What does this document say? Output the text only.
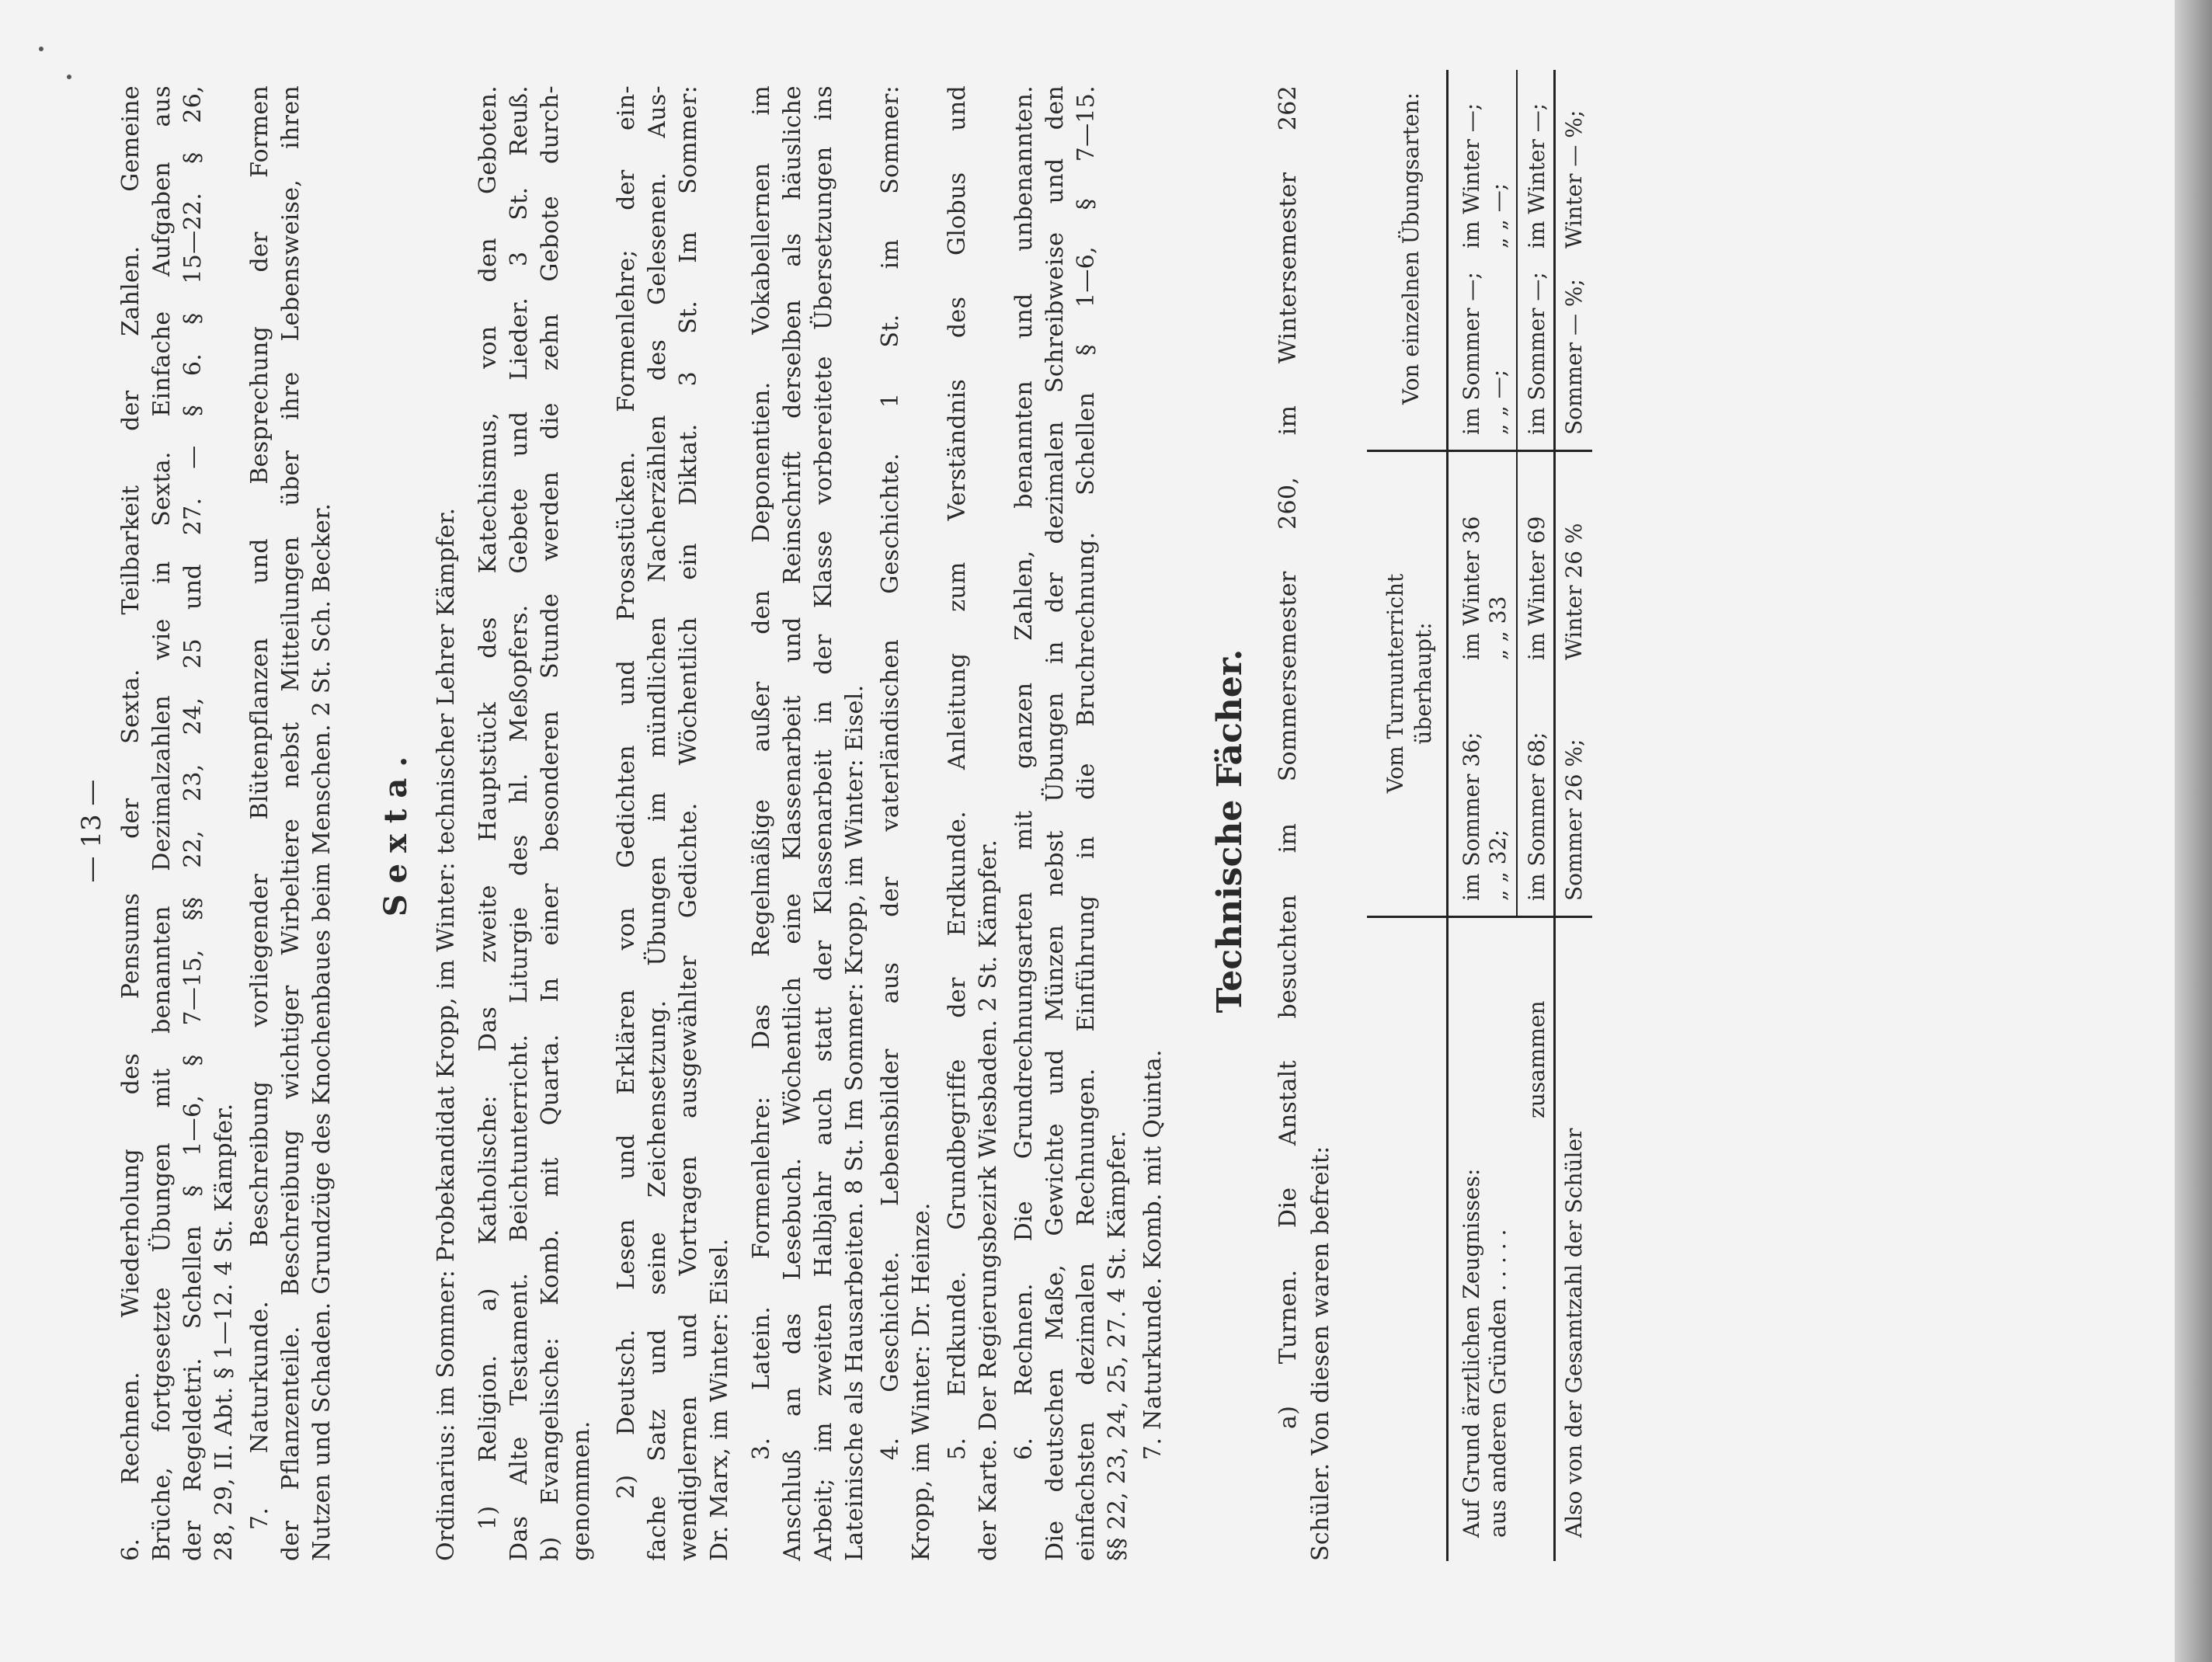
— 13 — 6. Rechnen. Wiederholung des Pensums der Sexta. Teilbarkeit der Zahlen. Gemeine Brüche, fortgesetzte Übungen mit benannten Dezimalzahlen wie in Sexta. Einfache Aufgaben aus der Regeldetri. Schellen § 1—6, § 7—15, §§ 22, 23, 24, 25 und 27. — § 6. § 15—22. § 26, 28, 29, II. Abt. § 1—12. 4 St. Kämpfer. 7. Naturkunde. Beschreibung vorliegender Blütenpflanzen und Besprechung der Formen der Pflanzenteile. Beschreibung wichtiger Wirbeltiere nebst Mitteilungen über ihre Lebensweise, ihren Nutzen und Schaden. Grundzüge des Knochenbaues beim Menschen. 2 St. Sch. Becker. Sexta. Ordinarius: im Sommer: Probekandidat Kropp, im Winter: technischer Lehrer Kämpfer. 1) Religion. a) Katholische: Das zweite Hauptstück des Katechismus, von den Geboten. Das Alte Testament. Beichtunterricht. Liturgie des hl. Meßopfers. Gebete und Lieder. 3 St. Reuß. b) Evangelische: Komb. mit Quarta. In einer besonderen Stunde werden die zehn Gebote durch- genommen. 2) Deutsch. Lesen und Erklären von Gedichten und Prosastücken. Formenlehre; der ein- fache Satz und seine Zeichensetzung. Übungen im mündlichen Nacherzählen des Gelesenen. Aus- wendiglernen und Vortragen ausgewählter Gedichte. Wöchentlich ein Diktat. 3 St. Im Sommer: Dr. Marx, im Winter: Eisel. 3. Latein. Formenlehre: Das Regelmäßige außer den Deponentien. Vokabellernen im Anschluß an das Lesebuch. Wöchentlich eine Klassenarbeit und Reinschrift derselben als häusliche Arbeit; im zweiten Halbjahr auch statt der Klassenarbeit in der Klasse vorbereitete Übersetzungen ins Lateinische als Hausarbeiten. 8 St. Im Sommer: Kropp, im Winter: Eisel. 4. Geschichte. Lebensbilder aus der vaterländischen Geschichte. 1 St. im Sommer: Kropp, im Winter: Dr. Heinze. 5. Erdkunde. Grundbegriffe der Erdkunde. Anleitung zum Verständnis des Globus und der Karte. Der Regierungsbezirk Wiesbaden. 2 St. Kämpfer. 6. Rechnen. Die Grundrechnungsarten mit ganzen Zahlen, benannten und unbenannten. Die deutschen Maße, Gewichte und Münzen nebst Übungen in der dezimalen Schreibweise und den einfachsten dezimalen Rechnungen. Einführung in die Bruchrechnung. Schellen § 1—6, § 7—15. §§ 22, 23, 24, 25, 27. 4 St. Kämpfer. 7. Naturkunde. Komb. mit Quinta.
Technische Fächer. a) Turnen. Die Anstalt besuchten im Sommersemester 260, im Wintersemester 262 Schüler. Von diesen waren befreit:
Vom Turnunterricht überhaupt:
Von einzelnen Übungsarten:
Auf Grund ärztlichen Zeugnisses:
im Sommer 36;
im Winter 36
im Sommer —;
im Winter —;
aus anderen Gründen . . . . .
„ „ 32;
„ „ 33
„ „ —;
„ „ —;
zusammen
im Sommer 68;
im Winter 69
im Sommer —;
im Winter —;
Also von der Gesamtzahl der Schüler
Sommer 26 %;
Winter 26 %
Sommer — %;
Winter — %;
